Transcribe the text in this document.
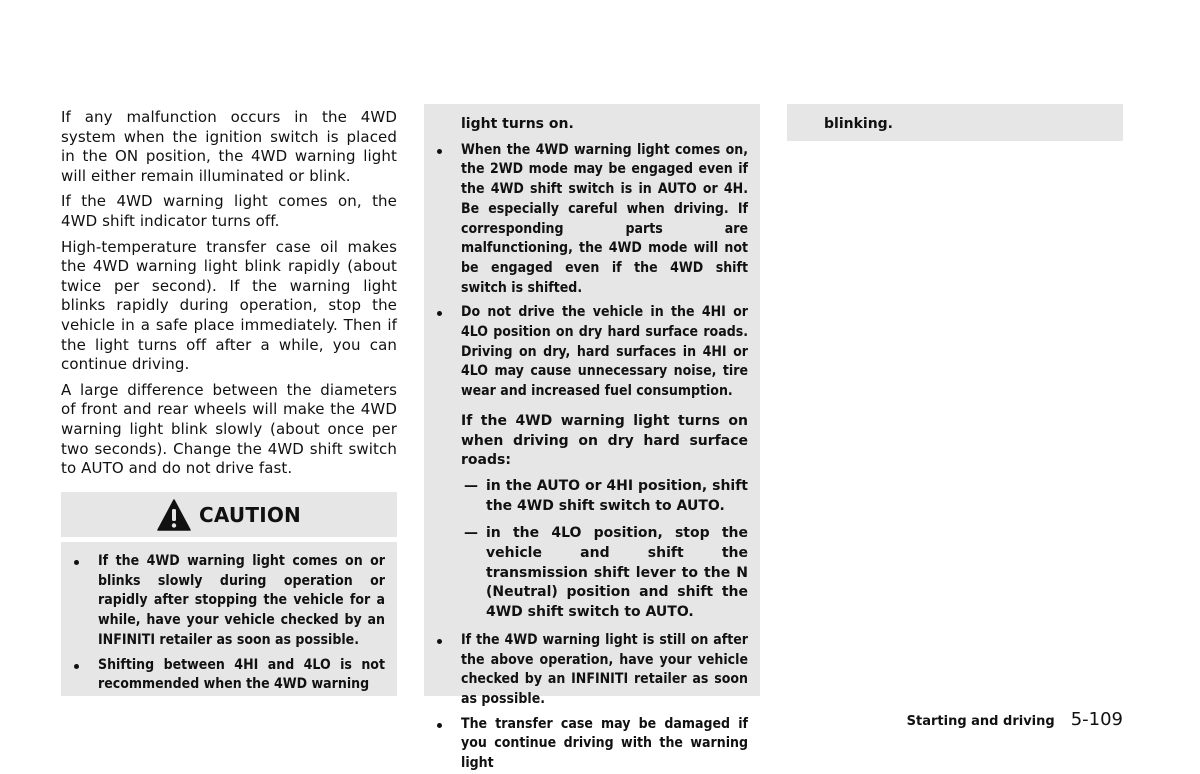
If any malfunction occurs in the 4WD system when the ignition switch is placed in the ON position, the 4WD warning light will either remain illuminated or blink.

If the 4WD warning light comes on, the 4WD shift indicator turns off.

High-temperature transfer case oil makes the 4WD warning light blink rapidly (about twice per second). If the warning light blinks rapidly during operation, stop the vehicle in a safe place immediately. Then if the light turns off after a while, you can continue driving.

A large difference between the diameters of front and rear wheels will make the 4WD warning light blink slowly (about once per two seconds). Change the 4WD shift switch to AUTO and do not drive fast.

CAUTION
If the 4WD warning light comes on or blinks slowly during operation or rapidly after stopping the vehicle for a while, have your vehicle checked by an INFINITI retailer as soon as possible.
Shifting between 4HI and 4LO is not recommended when the 4WD warning

light turns on.

When the 4WD warning light comes on, the 2WD mode may be engaged even if the 4WD shift switch is in AUTO or 4H. Be especially careful when driving. If corresponding parts are malfunctioning, the 4WD mode will not be engaged even if the 4WD shift switch is shifted.
Do not drive the vehicle in the 4HI or 4LO position on dry hard surface roads. Driving on dry, hard surfaces in 4HI or 4LO may cause unnecessary noise, tire wear and increased fuel consumption.

If the 4WD warning light turns on when driving on dry hard surface roads:

— in the AUTO or 4HI position, shift the 4WD shift switch to AUTO.
— in the 4LO position, stop the vehicle and shift the transmission shift lever to the N (Neutral) position and shift the 4WD shift switch to AUTO.
If the 4WD warning light is still on after the above operation, have your vehicle checked by an INFINITI retailer as soon as possible.
The transfer case may be damaged if you continue driving with the warning light

blinking.

Starting and driving 5-109
